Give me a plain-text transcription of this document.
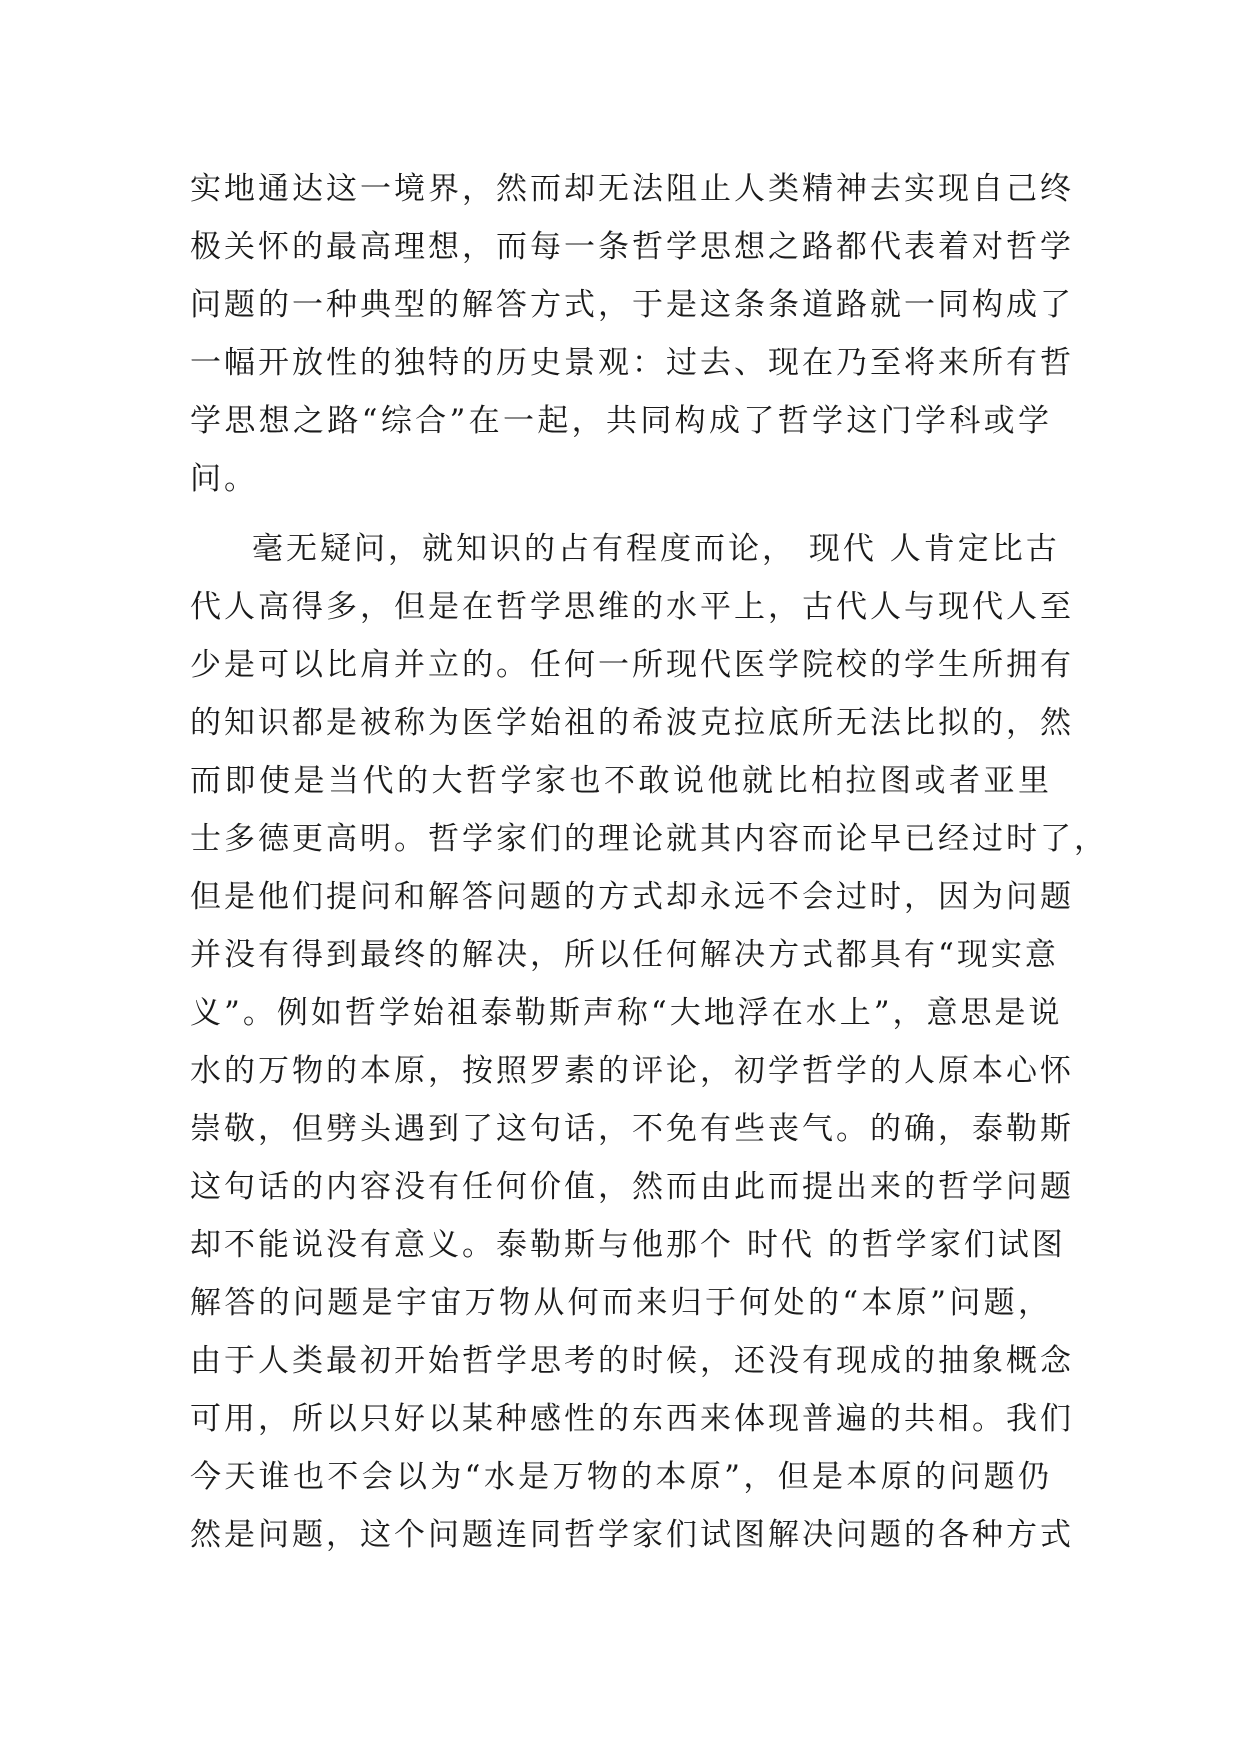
实地通达这一境界，然而却无法阻止人类精神去实现自己终
极关怀的最高理想，而每一条哲学思想之路都代表着对哲学
问题的一种典型的解答方式，于是这条条道路就一同构成了
一幅开放性的独特的历史景观：过去、现在乃至将来所有哲
学思想之路“综合”在一起，共同构成了哲学这门学科或学
问。
毫无疑问，就知识的占有程度而论， 现代 人肯定比古
代人高得多，但是在哲学思维的水平上，古代人与现代人至
少是可以比肩并立的。任何一所现代医学院校的学生所拥有
的知识都是被称为医学始祖的希波克拉底所无法比拟的，然
而即使是当代的大哲学家也不敢说他就比柏拉图或者亚里
士多德更高明。哲学家们的理论就其内容而论早已经过时了，
但是他们提问和解答问题的方式却永远不会过时，因为问题
并没有得到最终的解决，所以任何解决方式都具有“现实意
义”。例如哲学始祖泰勒斯声称“大地浮在水上”，意思是说
水的万物的本原，按照罗素的评论，初学哲学的人原本心怀
崇敬，但劈头遇到了这句话，不免有些丧气。的确，泰勒斯
这句话的内容没有任何价值，然而由此而提出来的哲学问题
却不能说没有意义。泰勒斯与他那个 时代 的哲学家们试图
解答的问题是宇宙万物从何而来归于何处的“本原”问题，
由于人类最初开始哲学思考的时候，还没有现成的抽象概念
可用，所以只好以某种感性的东西来体现普遍的共相。我们
今天谁也不会以为“水是万物的本原”，但是本原的问题仍
然是问题，这个问题连同哲学家们试图解决问题的各种方式
